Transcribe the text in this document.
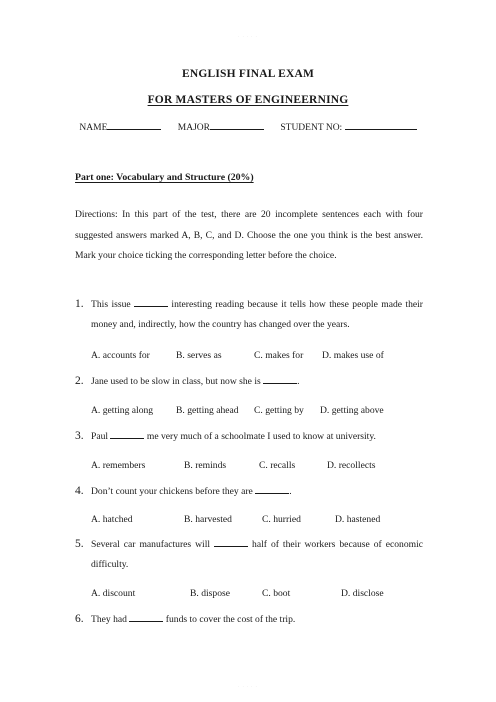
· · · · ·
ENGLISH FINAL EXAM
FOR MASTERS OF ENGINEERNING
NAME	MAJOR	STUDENT NO:
Part one: Vocabulary and Structure (20%)
Directions: In this part of the test, there are 20 incomplete sentences each with four suggested answers marked A, B, C, and D. Choose the one you think is the best answer. Mark your choice ticking the corresponding letter before the choice.
1. This issue	interesting reading because it tells how these people made their money and, indirectly, how the country has changed over the years.
A. accounts for	B. serves as	C. makes for D. makes use of
2. Jane used to be slow in class, but now she is	.
A. getting along B. getting ahead C. getting by D. getting above
3. Paul	me very much of a schoolmate I used to know at university.
A. remembers	B. reminds	C. recalls	D. recollects
4. Don’t count your chickens before they are	.
A. hatched	B. harvested	C. hurried	D. hastened
5. Several car manufactures will	half of their workers because of economic difficulty.
A. discount	B. dispose	C. boot	D. disclose
6. They had	funds to cover the cost of the trip.
· · · · ·
